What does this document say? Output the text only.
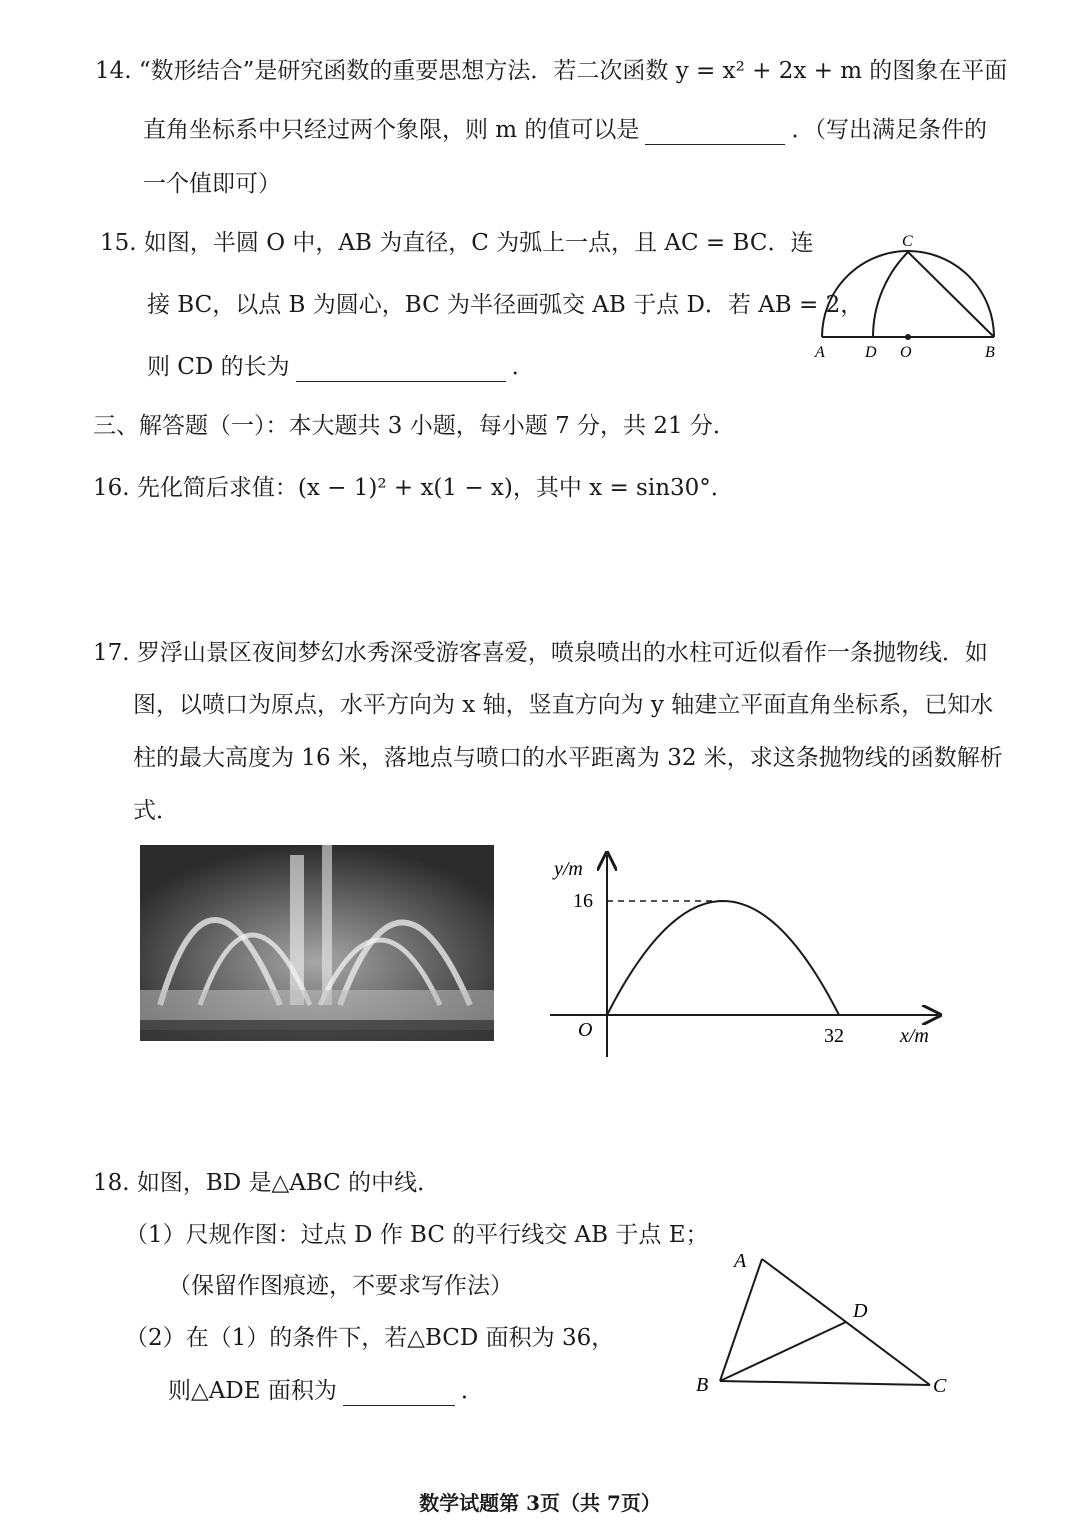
14. “数形结合”是研究函数的重要思想方法．若二次函数 y = x² + 2x + m 的图象在平面
直角坐标系中只经过两个象限，则 m 的值可以是	．（写出满足条件的
一个值即可）
15. 如图，半圆 O 中，AB 为直径，C 为弧上一点，且 AC = BC．连
接 BC，以点 B 为圆心，BC 为半径画弧交 AB 于点 D．若 AB = 2，
则 CD 的长为	．
A	D O	B
C
三、解答题（一）：本大题共 3 小题，每小题 7 分，共 21 分．
16. 先化简后求值：(x − 1)² + x(1 − x)，其中 x = sin30°．
17. 罗浮山景区夜间梦幻水秀深受游客喜爱，喷泉喷出的水柱可近似看作一条抛物线．如
图，以喷口为原点，水平方向为 x 轴，竖直方向为 y 轴建立平面直角坐标系，已知水
柱的最大高度为 16 米，落地点与喷口的水平距离为 32 米，求这条抛物线的函数解析
式．
y/m
x/m
O
16
32
18. 如图，BD 是△ABC 的中线．
（1）尺规作图：过点 D 作 BC 的平行线交 AB 于点 E；
（保留作图痕迹，不要求写作法）
（2）在（1）的条件下，若△BCD 面积为 36，
则△ADE 面积为	．
A
B	C
D
数学试题第 3页（共 7页）
